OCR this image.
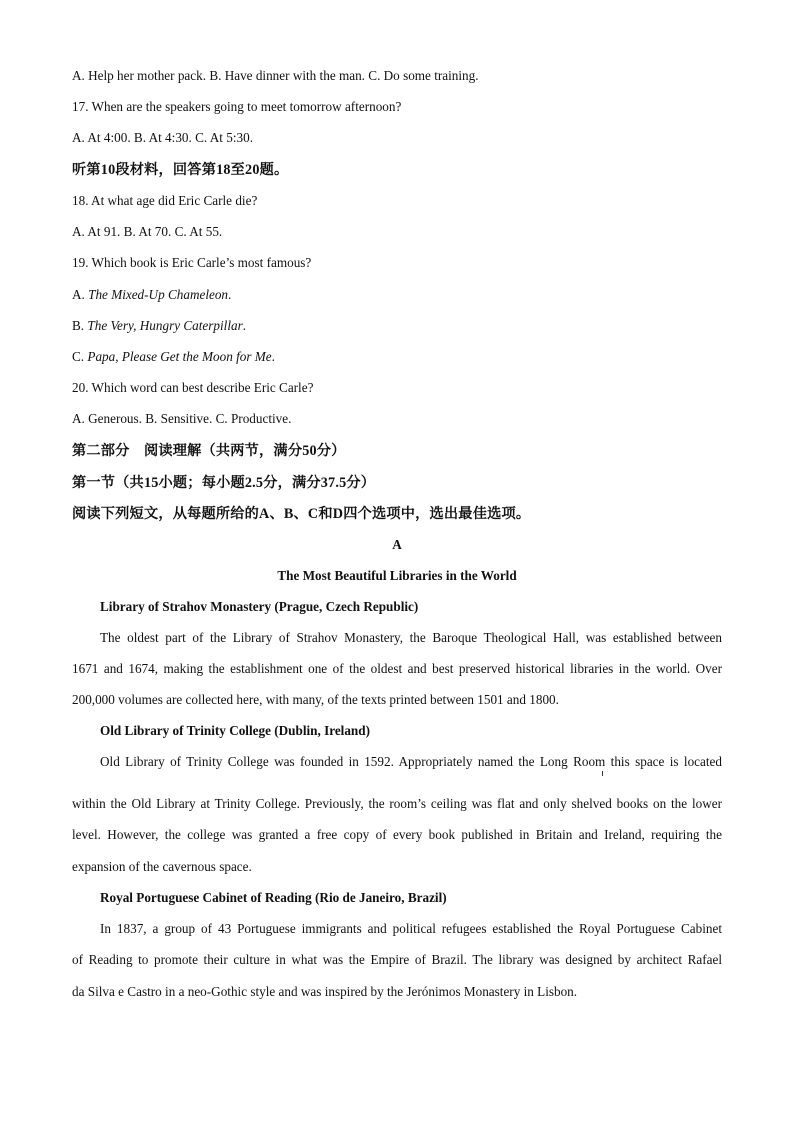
A. Help her mother pack. B. Have dinner with the man. C. Do some training.
17. When are the speakers going to meet tomorrow afternoon?
A. At 4:00. B. At 4:30. C. At 5:30.
听第10段材料，回答第18至20题。
18. At what age did Eric Carle die?
A. At 91. B. At 70. C. At 55.
19. Which book is Eric Carle’s most famous?
A. The Mixed-Up Chameleon.
B. The Very, Hungry Caterpillar.
C. Papa, Please Get the Moon for Me.
20. Which word can best describe Eric Carle?
A. Generous. B. Sensitive. C. Productive.
第二部分　阅读理解（共两节，满分50分）
第一节（共15小题；每小题2.5分，满分37.5分）
阅读下列短文，从每题所给的A、B、C和D四个选项中，选出最佳选项。
A
The Most Beautiful Libraries in the World
Library of Strahov Monastery (Prague, Czech Republic)
The oldest part of the Library of Strahov Monastery, the Baroque Theological Hall, was established between
1671 and 1674, making the establishment one of the oldest and best preserved historical libraries in the world. Over
200,000 volumes are collected here, with many, of the texts printed between 1501 and 1800.
Old Library of Trinity College (Dublin, Ireland)
Old Library of Trinity College was founded in 1592. Appropriately named the Long Room this space is located
within the Old Library at Trinity College. Previously, the room’s ceiling was flat and only shelved books on the lower
level. However, the college was granted a free copy of every book published in Britain and Ireland, requiring the
expansion of the cavernous space.
Royal Portuguese Cabinet of Reading (Rio de Janeiro, Brazil)
In 1837, a group of 43 Portuguese immigrants and political refugees established the Royal Portuguese Cabinet
of Reading to promote their culture in what was the Empire of Brazil. The library was designed by architect Rafael
da Silva e Castro in a neo-Gothic style and was inspired by the Jerónimos Monastery in Lisbon.
